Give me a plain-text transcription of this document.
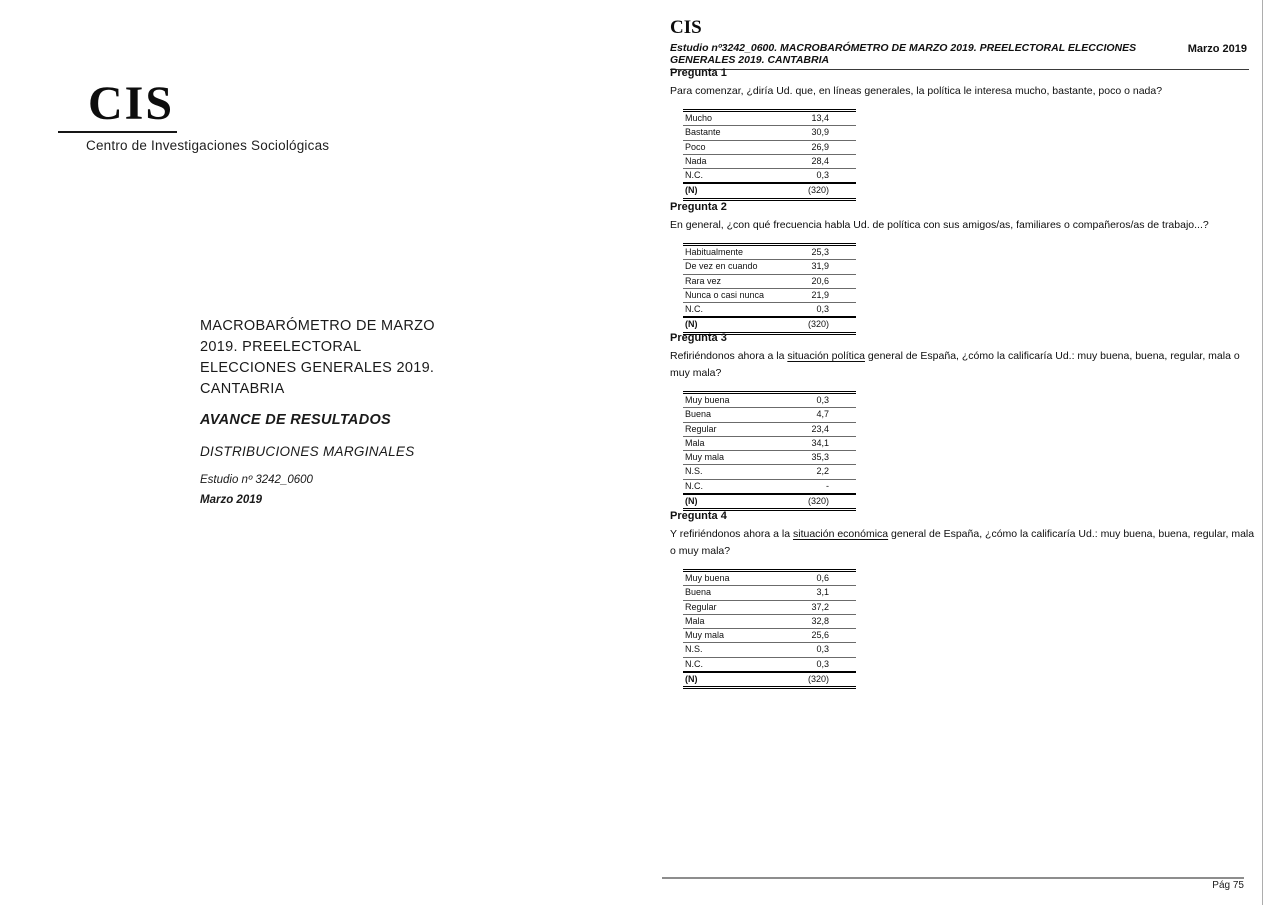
CIS
Centro de Investigaciones Sociológicas
MACROBARÓMETRO DE MARZO
2019. PREELECTORAL
ELECCIONES GENERALES 2019.
CANTABRIA
AVANCE DE RESULTADOS
DISTRIBUCIONES MARGINALES
Estudio nº 3242_0600
Marzo 2019
CIS
Estudio nº3242_0600. MACROBARÓMETRO DE MARZO 2019. PREELECTORAL ELECCIONES
GENERALES 2019. CANTABRIA
Marzo 2019
Pregunta 1
Para comenzar, ¿diría Ud. que, en líneas generales, la política le interesa mucho, bastante, poco o nada?
Mucho	13,4
Bastante	30,9
Poco	26,9
Nada	28,4
N.C.	0,3
(N)	(320)
Pregunta 2
En general, ¿con qué frecuencia habla Ud. de política con sus amigos/as, familiares o compañeros/as de trabajo...?
Habitualmente	25,3
De vez en cuando	31,9
Rara vez	20,6
Nunca o casi nunca	21,9
N.C.	0,3
(N)	(320)
Pregunta 3
Refiriéndonos ahora a la situación política general de España, ¿cómo la calificaría Ud.: muy buena, buena, regular, mala o muy mala?
Muy buena	0,3
Buena	4,7
Regular	23,4
Mala	34,1
Muy mala	35,3
N.S.	2,2
N.C.	-
(N)	(320)
Pregunta 4
Y refiriéndonos ahora a la situación económica general de España, ¿cómo la calificaría Ud.: muy buena, buena, regular, mala o muy mala?
Muy buena	0,6
Buena	3,1
Regular	37,2
Mala	32,8
Muy mala	25,6
N.S.	0,3
N.C.	0,3
(N)	(320)
Pág 75
